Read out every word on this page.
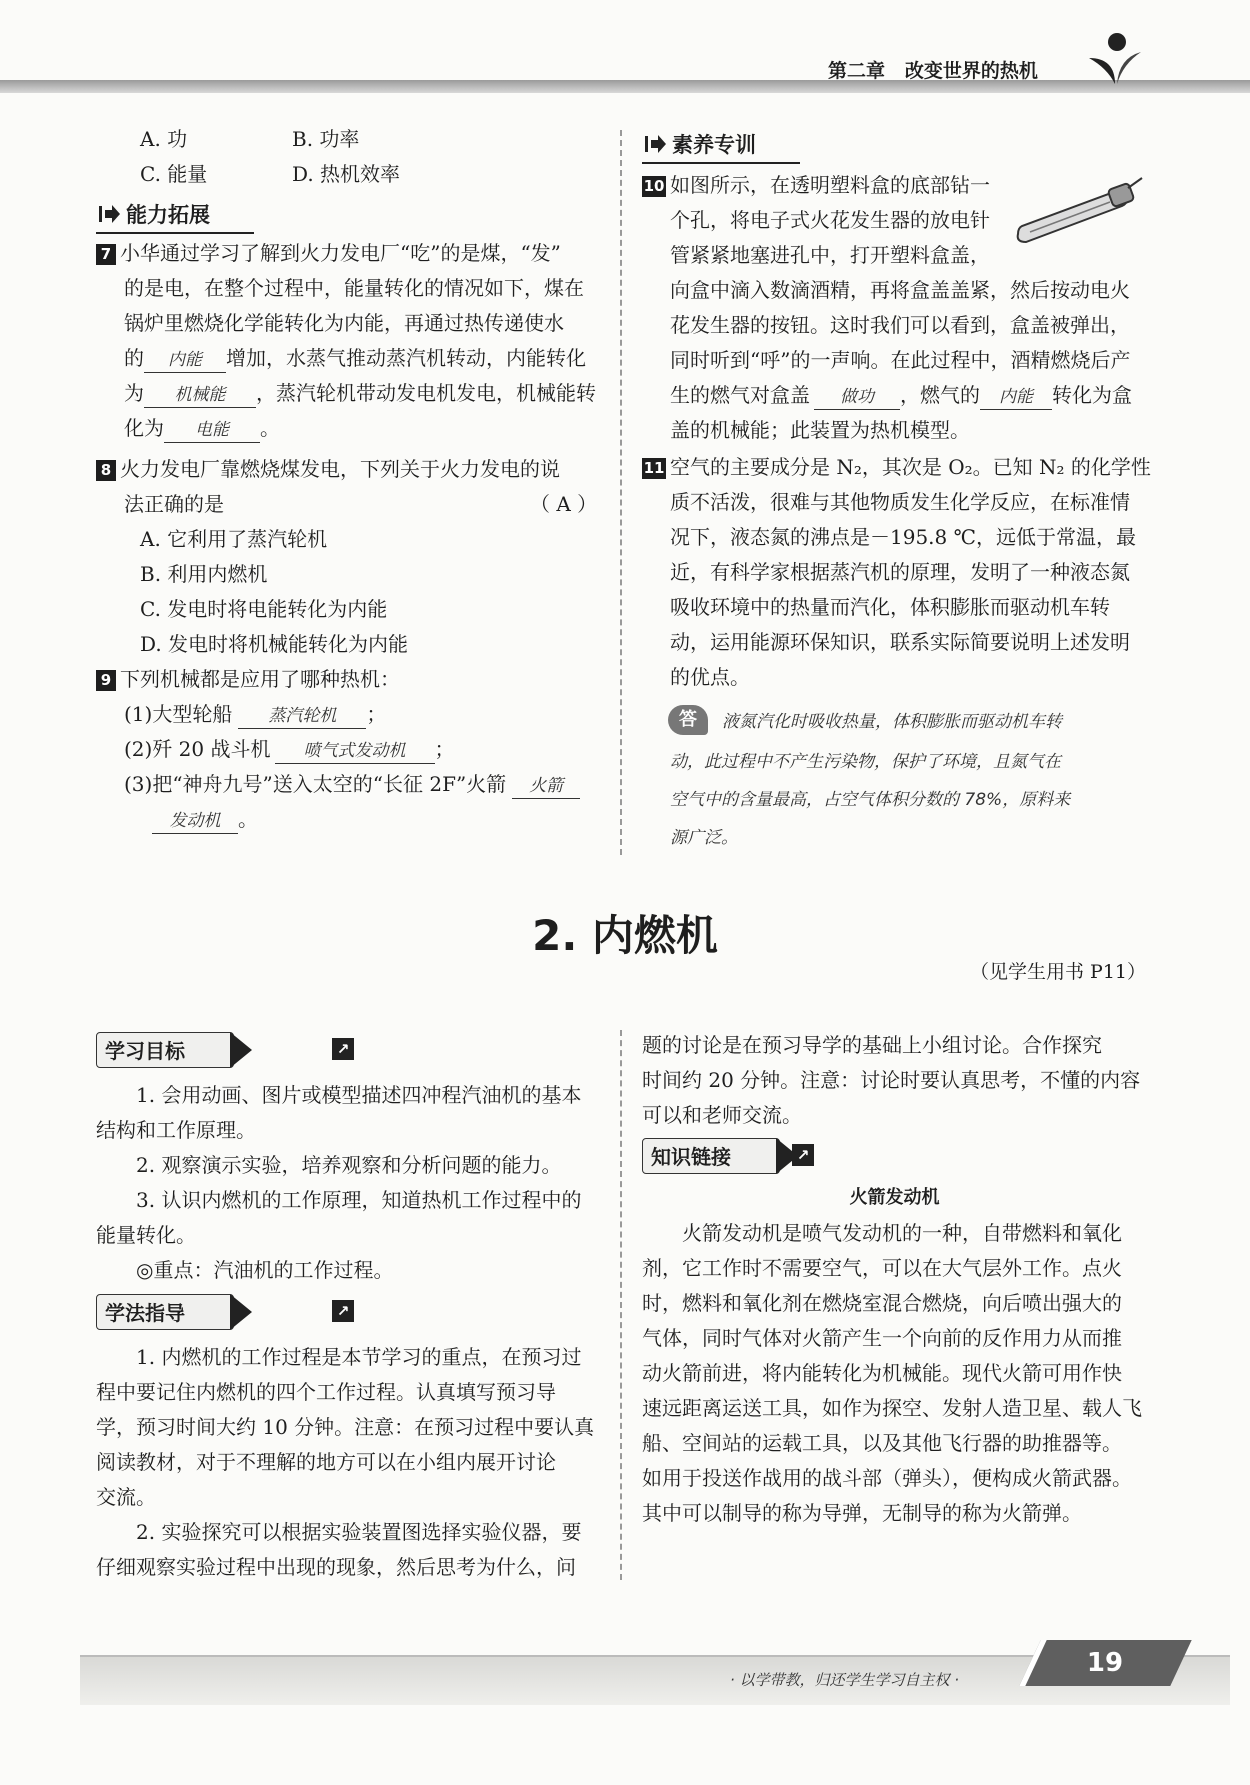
第二章 改变世界的热机
A. 功	B. 功率
C. 能量	D. 热机效率
能力拓展
7 小华通过学习了解到火力发电厂“吃”的是煤，“发”
的是电，在整个过程中，能量转化的情况如下，煤在
锅炉里燃烧化学能转化为内能，再通过热传递使水
的 内能 增加，水蒸气推动蒸汽机转动，内能转化
为 机械能 ，蒸汽轮机带动发电机发电，机械能转
化为 电能 。
8 火力发电厂靠燃烧煤发电，下列关于火力发电的说
法正确的是	（ A ）
A. 它利用了蒸汽轮机
B. 利用内燃机
C. 发电时将电能转化为内能
D. 发电时将机械能转化为内能
9 下列机械都是应用了哪种热机：
(1)大型轮船 蒸汽轮机 ；
(2)歼 20 战斗机 喷气式发动机 ；
(3)把“神舟九号”送入太空的“长征 2F”火箭 火箭
发动机 。
素养专训
10 如图所示，在透明塑料盒的底部钻一
个孔，将电子式火花发生器的放电针
管紧紧地塞进孔中，打开塑料盒盖，
向盒中滴入数滴酒精，再将盒盖盖紧，然后按动电火
花发生器的按钮。这时我们可以看到，盒盖被弹出，
同时听到“呼”的一声响。在此过程中，酒精燃烧后产
生的燃气对盒盖 做功 ，燃气的 内能 转化为盒
盖的机械能；此装置为热机模型。
11 空气的主要成分是 N₂，其次是 O₂。已知 N₂ 的化学性
质不活泼，很难与其他物质发生化学反应，在标准情
况下，液态氮的沸点是－195.8 ℃，远低于常温，最
近，有科学家根据蒸汽机的原理，发明了一种液态氮
吸收环境中的热量而汽化，体积膨胀而驱动机车转
动，运用能源环保知识，联系实际简要说明上述发明
的优点。
答	液氮汽化时吸收热量，体积膨胀而驱动机车转
动，此过程中不产生污染物，保护了环境，且氮气在
空气中的含量最高，占空气体积分数的 78%，原料来
源广泛。
2. 内燃机
（见学生用书 P11）
学习目标	↗
1. 会用动画、图片或模型描述四冲程汽油机的基本
结构和工作原理。
2. 观察演示实验，培养观察和分析问题的能力。
3. 认识内燃机的工作原理，知道热机工作过程中的
能量转化。
◎重点：汽油机的工作过程。
学法指导	↗
1. 内燃机的工作过程是本节学习的重点，在预习过
程中要记住内燃机的四个工作过程。认真填写预习导
学，预习时间大约 10 分钟。注意：在预习过程中要认真
阅读教材，对于不理解的地方可以在小组内展开讨论
交流。
2. 实验探究可以根据实验装置图选择实验仪器，要
仔细观察实验过程中出现的现象，然后思考为什么，问
题的讨论是在预习导学的基础上小组讨论。合作探究
时间约 20 分钟。注意：讨论时要认真思考，不懂的内容
可以和老师交流。
知识链接	↗
火箭发动机
火箭发动机是喷气发动机的一种，自带燃料和氧化
剂，它工作时不需要空气，可以在大气层外工作。点火
时，燃料和氧化剂在燃烧室混合燃烧，向后喷出强大的
气体，同时气体对火箭产生一个向前的反作用力从而推
动火箭前进，将内能转化为机械能。现代火箭可用作快
速远距离运送工具，如作为探空、发射人造卫星、载人飞
船、空间站的运载工具，以及其他飞行器的助推器等。
如用于投送作战用的战斗部（弹头），便构成火箭武器。
其中可以制导的称为导弹，无制导的称为火箭弹。
· 以学带教，归还学生学习自主权 ·
19
